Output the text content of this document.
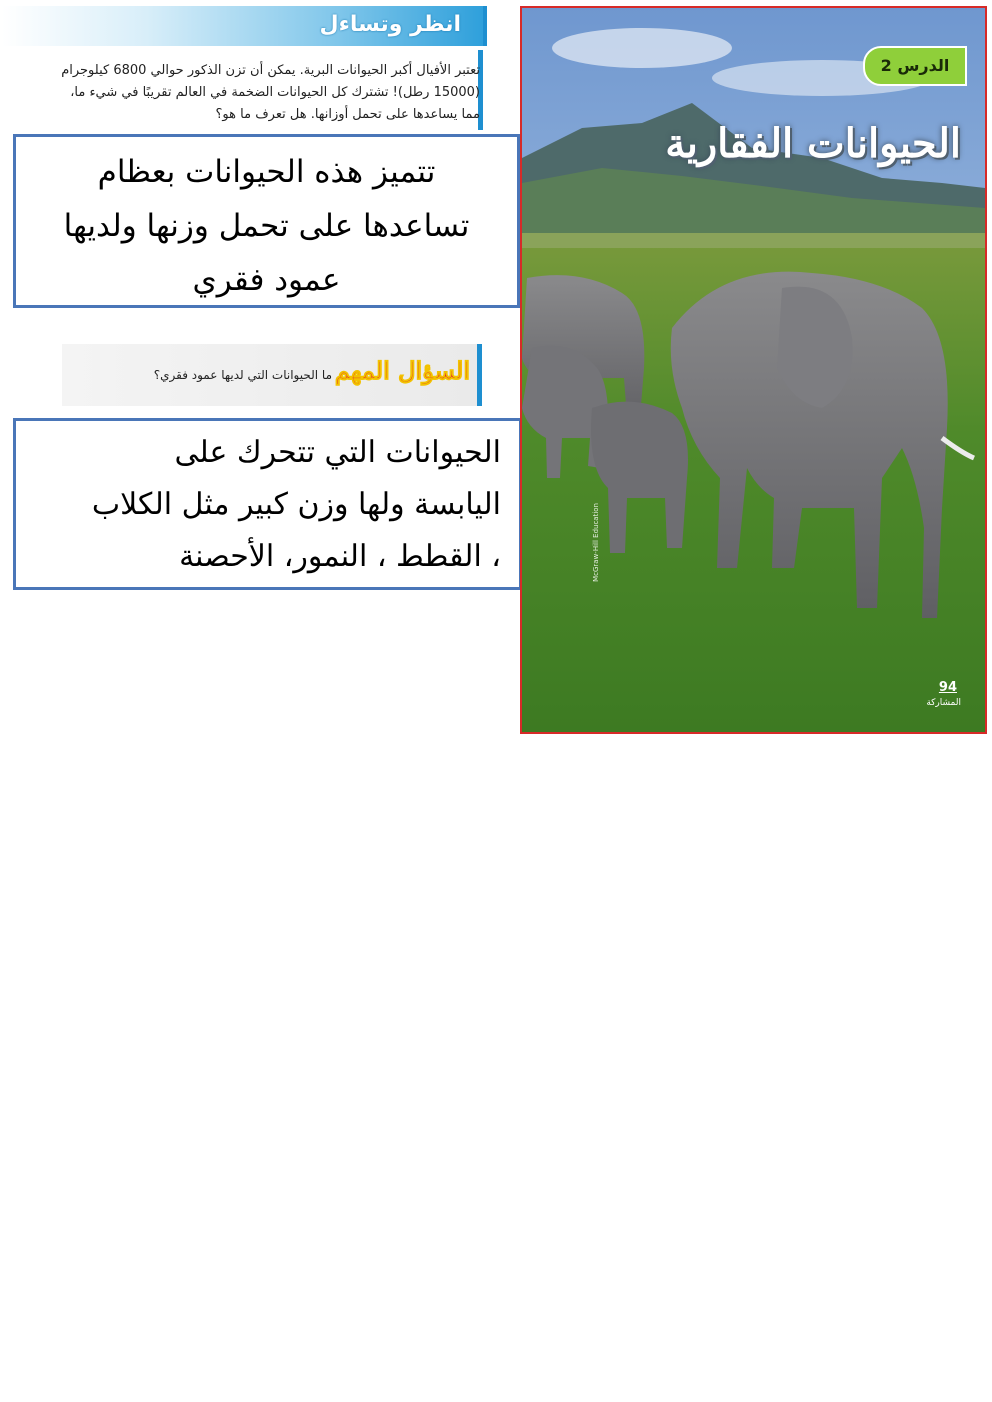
انظر وتساءل
تعتبر الأفيال أكبر الحيوانات البرية. يمكن أن تزن الذكور حوالي 6800 كيلوجرام (15000 رطل)! تشترك كل الحيوانات الضخمة في العالم تقريبًا في شيء ما، مما يساعدها على تحمل أوزانها. هل تعرف ما هو؟
تتميز هذه الحيوانات بعظام
تساعدها على تحمل وزنها ولديها
عمود فقري
السؤال المهم
ما الحيوانات التي لديها عمود فقري؟
الحيوانات التي تتحرك على
اليابسة ولها وزن كبير مثل الكلاب
، القطط ، النمور، الأحصنة
الدرس 2
الحيوانات الفقارية
McGraw-Hill Education
94
المشاركة
